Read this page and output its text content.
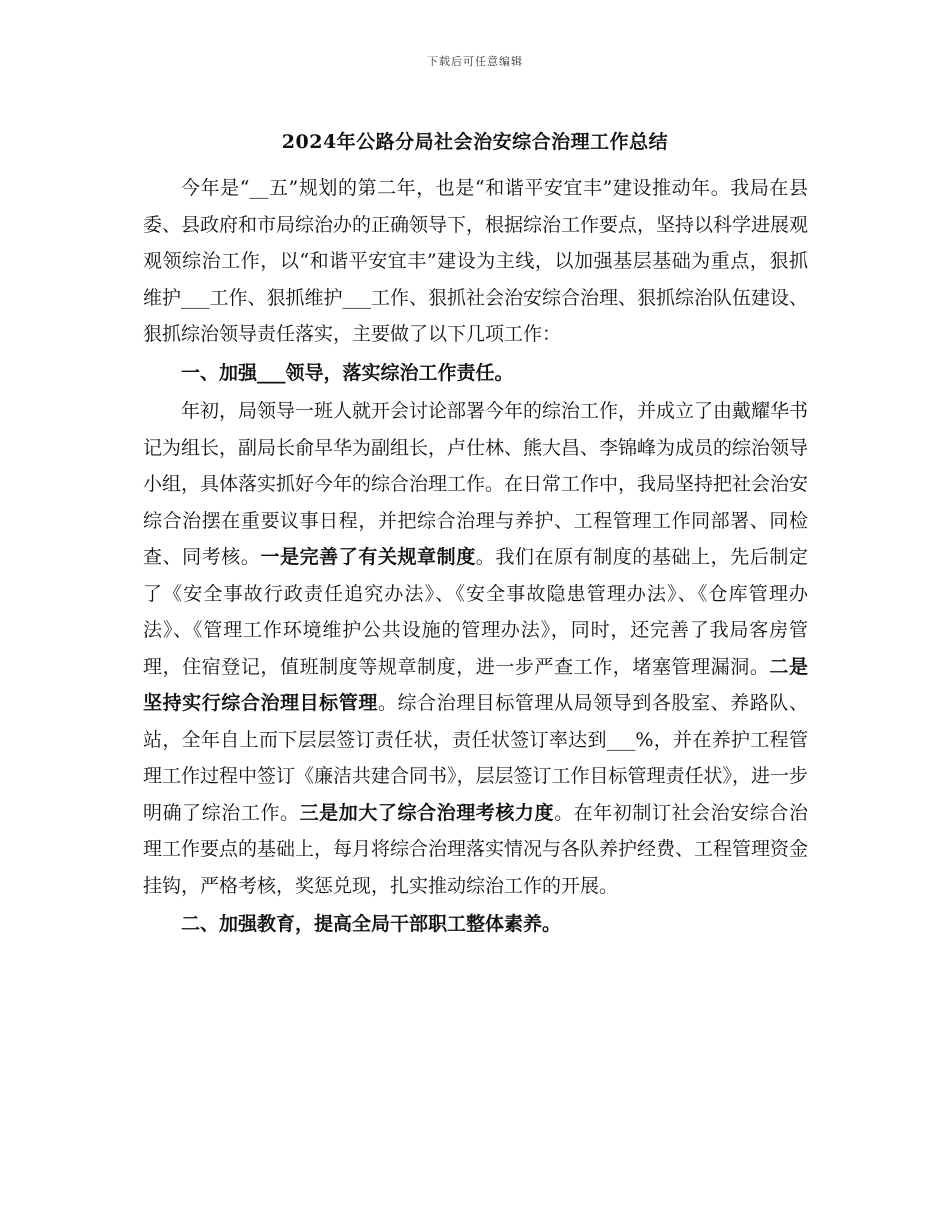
下载后可任意编辑
2024年公路分局社会治安综合治理工作总结

今年是“__五”规划的第二年，也是“和谐平安宜丰”建设推动年。我局在县委、县政府和市局综治办的正确领导下，根据综治工作要点，坚持以科学进展观观领综治工作，以“和谐平安宜丰”建设为主线，以加强基层基础为重点，狠抓维护___工作、狠抓维护___工作、狠抓社会治安综合治理、狠抓综治队伍建设、狠抓综治领导责任落实，主要做了以下几项工作：

一、加强___领导，落实综治工作责任。

年初，局领导一班人就开会讨论部署今年的综治工作，并成立了由戴耀华书记为组长，副局长俞早华为副组长，卢仕林、熊大昌、李锦峰为成员的综治领导小组，具体落实抓好今年的综合治理工作。在日常工作中，我局坚持把社会治安综合治摆在重要议事日程，并把综合治理与养护、工程管理工作同部署、同检查、同考核。一是完善了有关规章制度。我们在原有制度的基础上，先后制定了《安全事故行政责任追究办法》、《安全事故隐患管理办法》、《仓库管理办法》、《管理工作环境维护公共设施的管理办法》，同时，还完善了我局客房管理，住宿登记，值班制度等规章制度，进一步严查工作，堵塞管理漏洞。二是坚持实行综合治理目标管理。综合治理目标管理从局领导到各股室、养路队、站，全年自上而下层层签订责任状，责任状签订率达到___%，并在养护工程管理工作过程中签订《廉洁共建合同书》，层层签订工作目标管理责任状》，进一步明确了综治工作。三是加大了综合治理考核力度。在年初制订社会治安综合治理工作要点的基础上，每月将综合治理落实情况与各队养护经费、工程管理资金挂钩，严格考核，奖惩兑现，扎实推动综治工作的开展。

二、加强教育，提高全局干部职工整体素养。
